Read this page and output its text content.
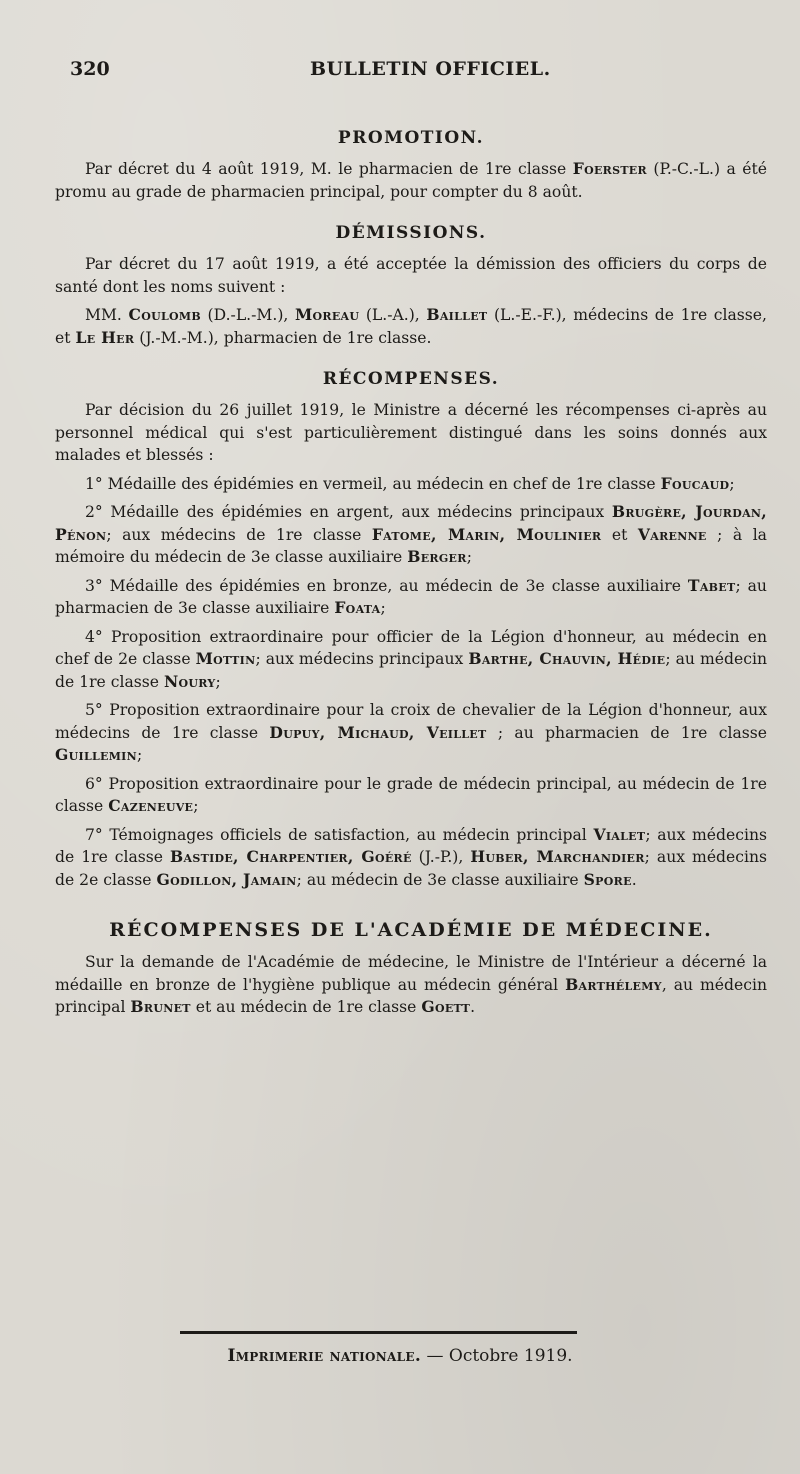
320	BULLETIN OFFICIEL.
PROMOTION.

Par décret du 4 août 1919, M. le pharmacien de 1re classe Foerster (P.-C.-L.) a été promu au grade de pharmacien principal, pour compter du 8 août.

DÉMISSIONS.

Par décret du 17 août 1919, a été acceptée la démission des officiers du corps de santé dont les noms suivent :

MM. Coulomb (D.-L.-M.), Moreau (L.-A.), Baillet (L.-E.-F.), médecins de 1re classe, et Le Her (J.-M.-M.), pharmacien de 1re classe.

RÉCOMPENSES.

Par décision du 26 juillet 1919, le Ministre a décerné les récompenses ci-après au personnel médical qui s'est particulièrement distingué dans les soins donnés aux malades et blessés :

1° Médaille des épidémies en vermeil, au médecin en chef de 1re classe Foucaud;

2° Médaille des épidémies en argent, aux médecins principaux Brugère, Jourdan, Pénon; aux médecins de 1re classe Fatome, Marin, Moulinier et Varenne ; à la mémoire du médecin de 3e classe auxiliaire Berger;

3° Médaille des épidémies en bronze, au médecin de 3e classe auxiliaire Tabet; au pharmacien de 3e classe auxiliaire Foata;

4° Proposition extraordinaire pour officier de la Légion d'honneur, au médecin en chef de 2e classe Mottin; aux médecins principaux Barthe, Chauvin, Hédie; au médecin de 1re classe Noury;

5° Proposition extraordinaire pour la croix de chevalier de la Légion d'honneur, aux médecins de 1re classe Dupuy, Michaud, Veillet ; au pharmacien de 1re classe Guillemin;

6° Proposition extraordinaire pour le grade de médecin principal, au médecin de 1re classe Cazeneuve;

7° Témoignages officiels de satisfaction, au médecin principal Vialet; aux médecins de 1re classe Bastide, Charpentier, Goéré (J.-P.), Huber, Marchandier; aux médecins de 2e classe Godillon, Jamain; au médecin de 3e classe auxiliaire Spore.

RÉCOMPENSES DE L'ACADÉMIE DE MÉDECINE.

Sur la demande de l'Académie de médecine, le Ministre de l'Intérieur a décerné la médaille en bronze de l'hygiène publique au médecin général Barthélemy, au médecin principal Brunet et au médecin de 1re classe Goett.

Imprimerie nationale. — Octobre 1919.
